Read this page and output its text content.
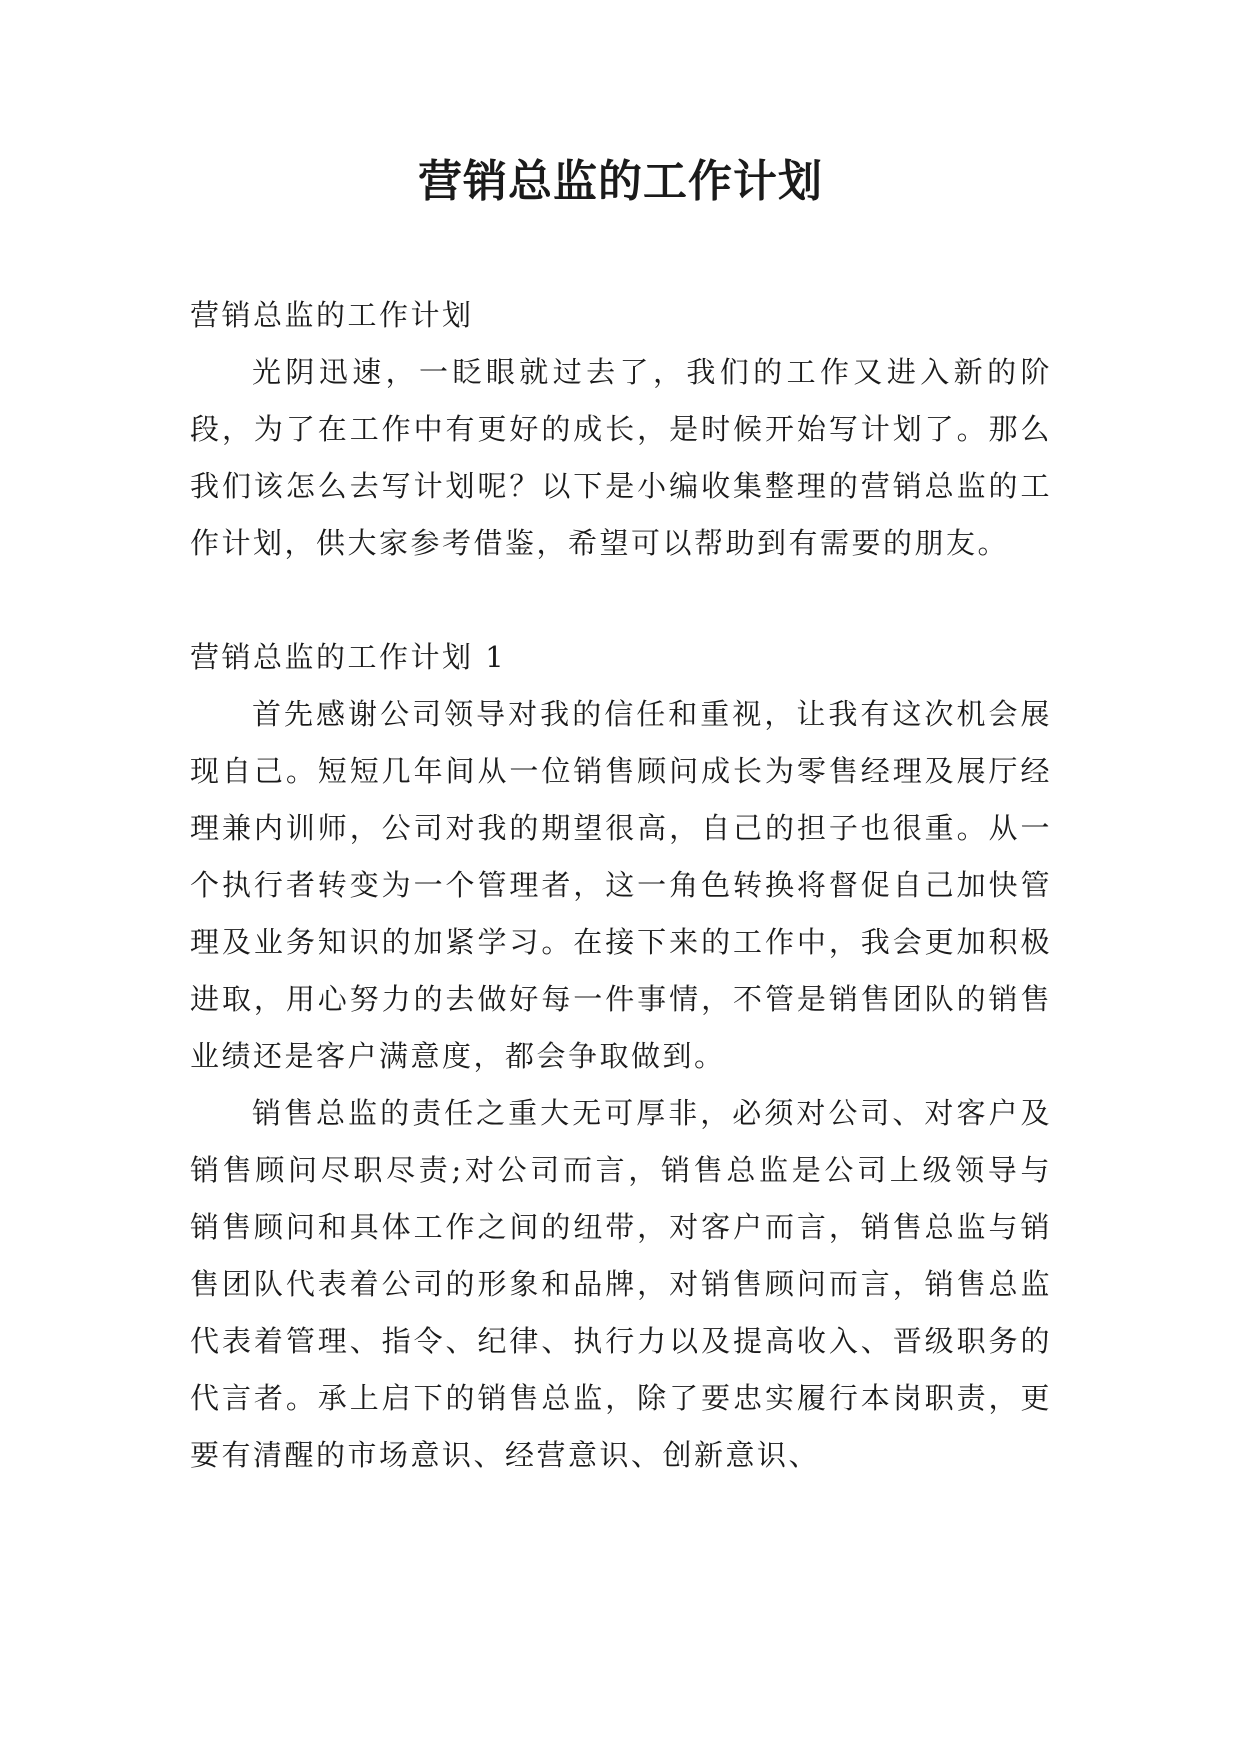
营销总监的工作计划
营销总监的工作计划

光阴迅速，一眨眼就过去了，我们的工作又进入新的阶段，为了在工作中有更好的成长，是时候开始写计划了。那么我们该怎么去写计划呢？以下是小编收集整理的营销总监的工作计划，供大家参考借鉴，希望可以帮助到有需要的朋友。

营销总监的工作计划 1

首先感谢公司领导对我的信任和重视，让我有这次机会展现自己。短短几年间从一位销售顾问成长为零售经理及展厅经理兼内训师，公司对我的期望很高，自己的担子也很重。从一个执行者转变为一个管理者，这一角色转换将督促自己加快管理及业务知识的加紧学习。在接下来的工作中，我会更加积极进取，用心努力的去做好每一件事情，不管是销售团队的销售业绩还是客户满意度，都会争取做到。

销售总监的责任之重大无可厚非，必须对公司、对客户及销售顾问尽职尽责;对公司而言，销售总监是公司上级领导与销售顾问和具体工作之间的纽带，对客户而言，销售总监与销售团队代表着公司的形象和品牌，对销售顾问而言，销售总监代表着管理、指令、纪律、执行力以及提高收入、晋级职务的代言者。承上启下的销售总监，除了要忠实履行本岗职责，更要有清醒的市场意识、经营意识、创新意识、
